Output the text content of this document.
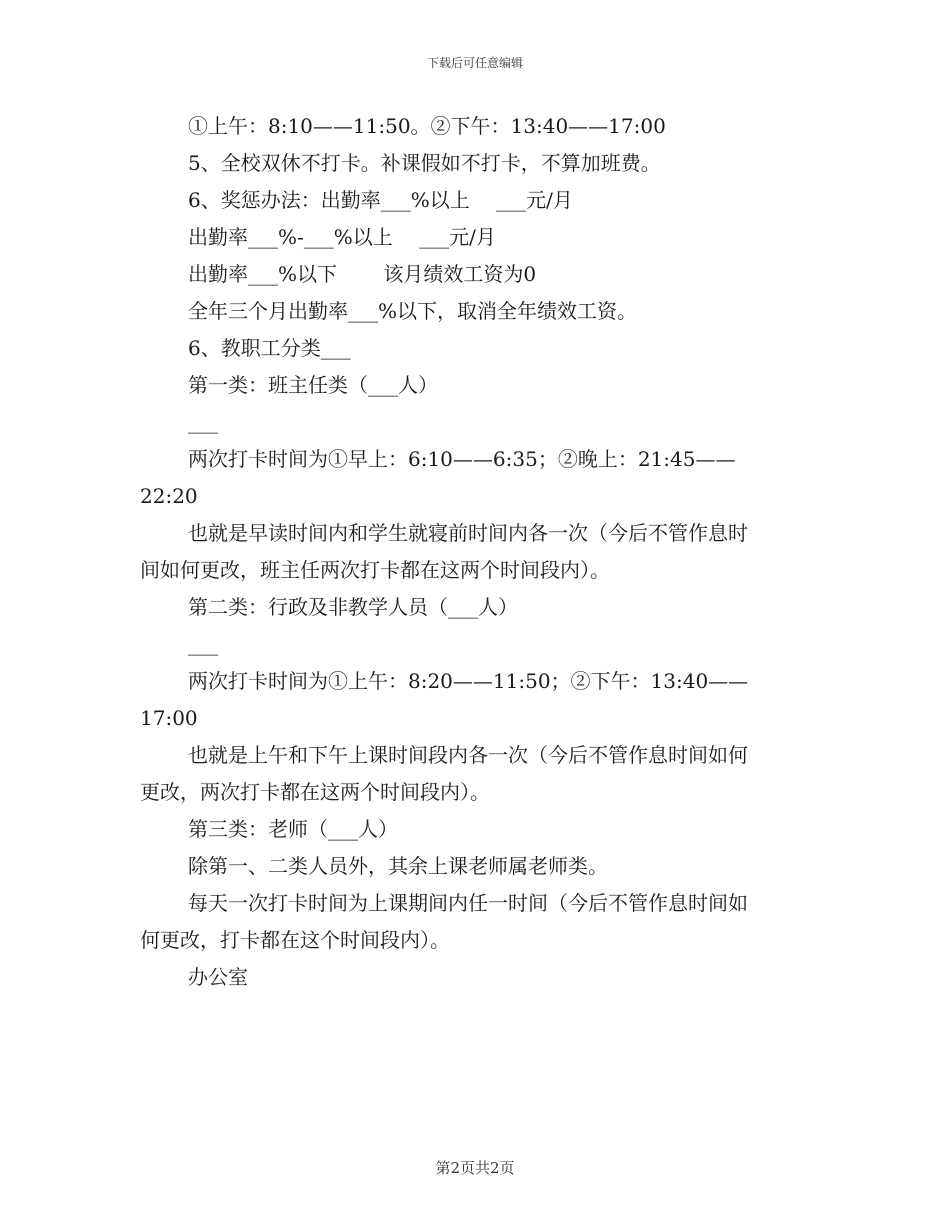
下载后可任意编辑
①上午：8:10——11:50。②下午：13:40——17:00
5、全校双休不打卡。补课假如不打卡，不算加班费。
6、奖惩办法：出勤率___%以上　 ___元/月
出勤率___%-___%以上　 ___元/月
出勤率___%以下　　 该月绩效工资为0
全年三个月出勤率___%以下，取消全年绩效工资。
6、教职工分类___
第一类：班主任类（___人）
___
两次打卡时间为①早上：6:10——6:35；②晚上：21:45——
22:20
也就是早读时间内和学生就寝前时间内各一次（今后不管作息时
间如何更改，班主任两次打卡都在这两个时间段内）。
第二类：行政及非教学人员（___人）
___
两次打卡时间为①上午：8:20——11:50；②下午：13:40——
17:00
也就是上午和下午上课时间段内各一次（今后不管作息时间如何
更改，两次打卡都在这两个时间段内）。
第三类：老师（___人）
除第一、二类人员外，其余上课老师属老师类。
每天一次打卡时间为上课期间内任一时间（今后不管作息时间如
何更改，打卡都在这个时间段内）。
办公室
第2页共2页
